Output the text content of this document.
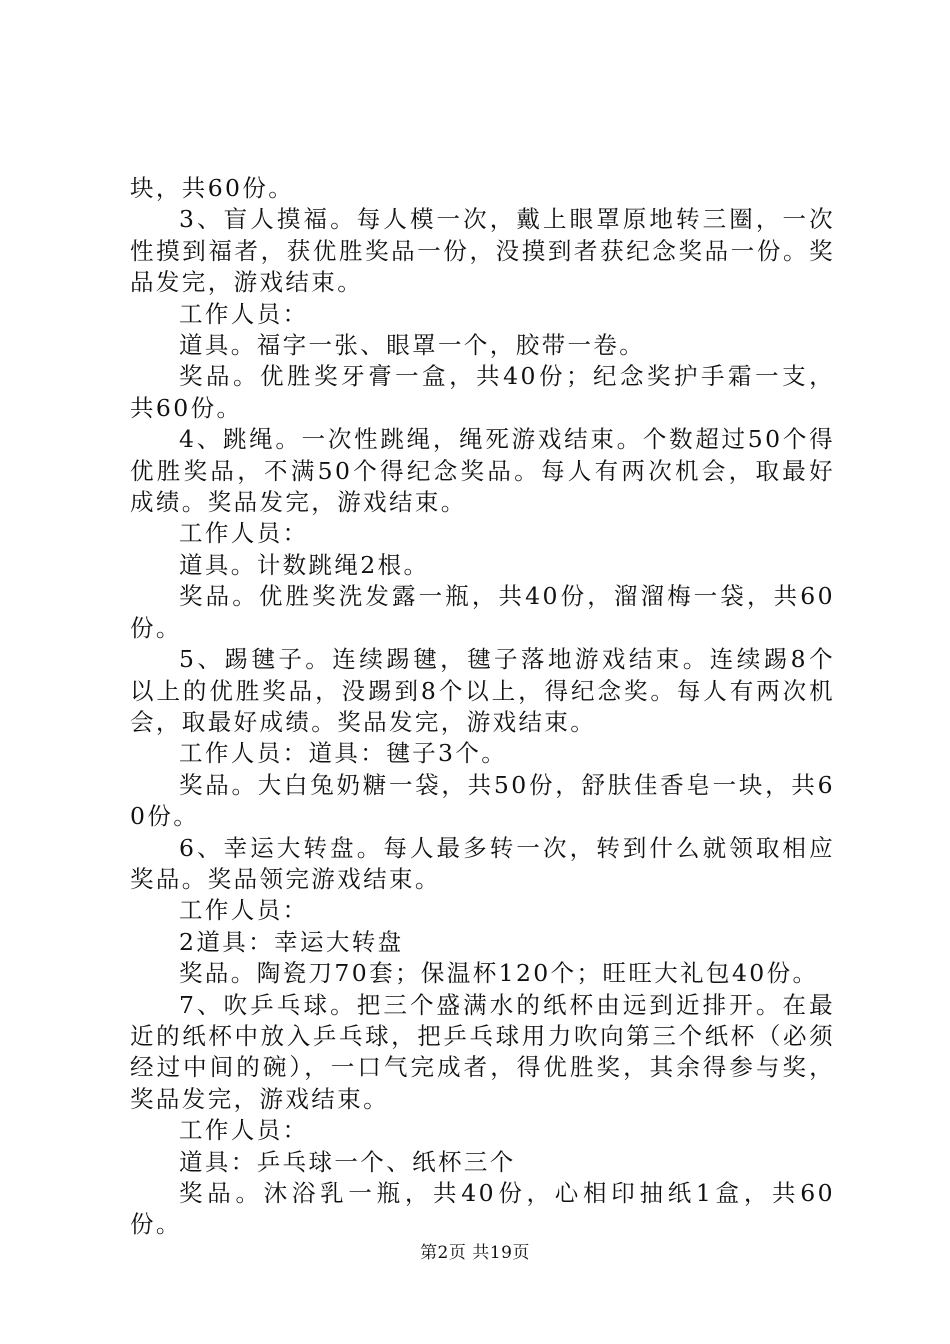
块，共60份。

3、盲人摸福。每人模一次，戴上眼罩原地转三圈，一次性摸到福者，获优胜奖品一份，没摸到者获纪念奖品一份。奖品发完，游戏结束。

工作人员：

道具。福字一张、眼罩一个，胶带一卷。

奖品。优胜奖牙膏一盒，共40份；纪念奖护手霜一支，共60份。

4、跳绳。一次性跳绳，绳死游戏结束。个数超过50个得优胜奖品，不满50个得纪念奖品。每人有两次机会，取最好成绩。奖品发完，游戏结束。

工作人员：

道具。计数跳绳2根。

奖品。优胜奖洗发露一瓶，共40份，溜溜梅一袋，共60份。

5、踢毽子。连续踢毽，毽子落地游戏结束。连续踢8个以上的优胜奖品，没踢到8个以上，得纪念奖。每人有两次机会，取最好成绩。奖品发完，游戏结束。

工作人员：道具：毽子3个。

奖品。大白兔奶糖一袋，共50份，舒肤佳香皂一块，共60份。

6、幸运大转盘。每人最多转一次，转到什么就领取相应奖品。奖品领完游戏结束。

工作人员：

2道具：幸运大转盘

奖品。陶瓷刀70套；保温杯120个；旺旺大礼包40份。

7、吹乒乓球。把三个盛满水的纸杯由远到近排开。在最近的纸杯中放入乒乓球，把乒乓球用力吹向第三个纸杯（必须经过中间的碗），一口气完成者，得优胜奖，其余得参与奖，奖品发完，游戏结束。

工作人员：

道具：乒乓球一个、纸杯三个

奖品。沐浴乳一瓶，共40份，心相印抽纸1盒，共60份。

第2页 共19页
